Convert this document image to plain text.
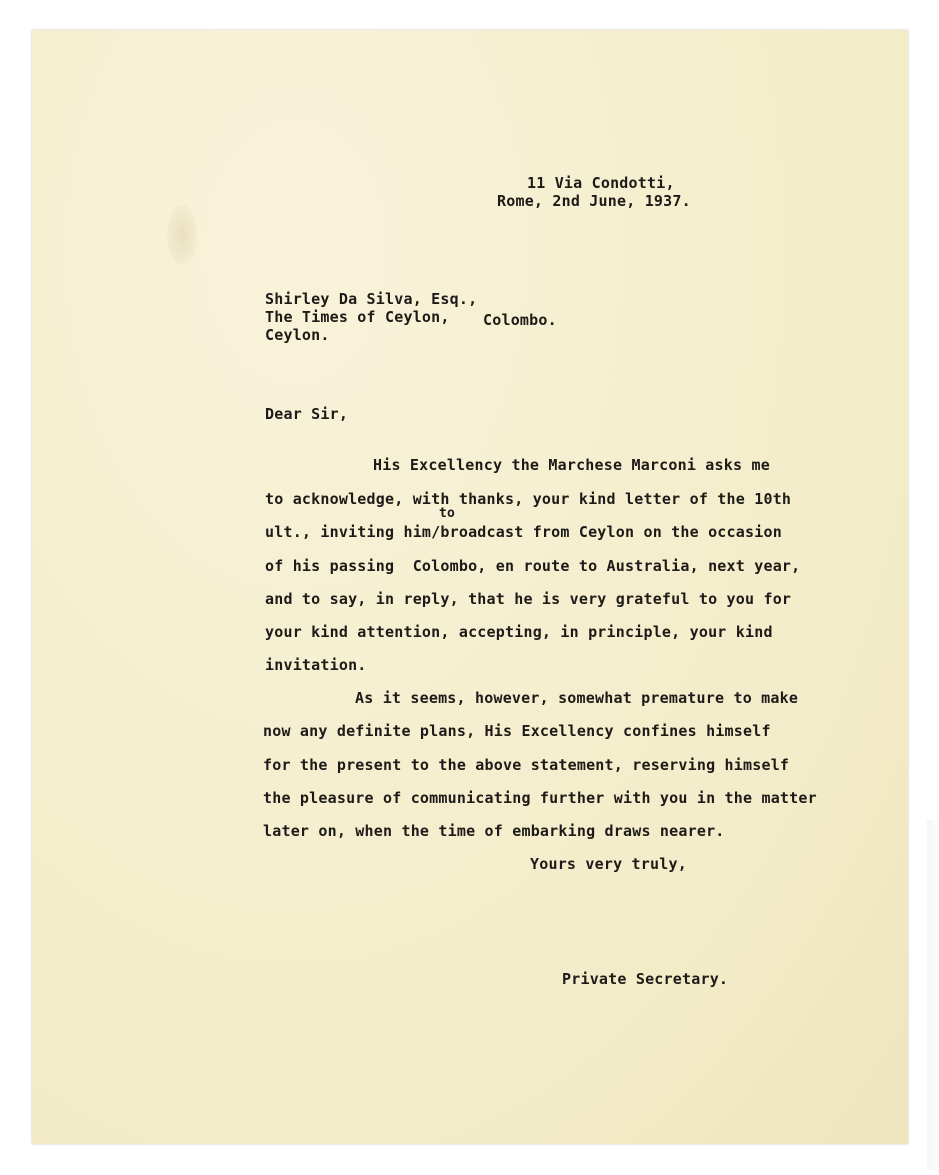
11 Via Condotti,
Rome, 2nd June, 1937.
Shirley Da Silva, Esq.,
The Times of Ceylon, Colombo.
Ceylon.
Dear Sir,
His Excellency the Marchese Marconi asks me
to acknowledge, with thanks, your kind letter of the 10th
to
ult., inviting him/broadcast from Ceylon on the occasion
of his passing  Colombo, en route to Australia, next year,
and to say, in reply, that he is very grateful to you for
your kind attention, accepting, in principle, your kind
invitation.
As it seems, however, somewhat premature to make
now any definite plans, His Excellency confines himself
for the present to the above statement, reserving himself
the pleasure of communicating further with you in the matter
later on, when the time of embarking draws nearer.
Yours very truly,
Private Secretary.
